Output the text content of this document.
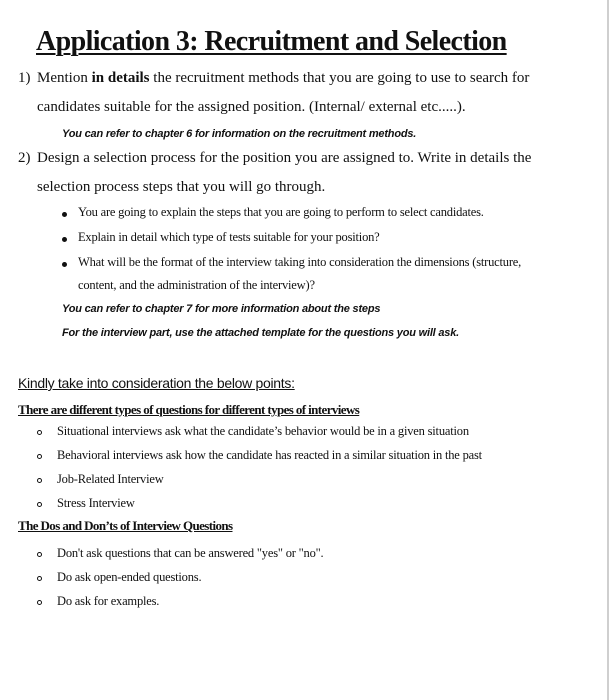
Application 3: Recruitment and Selection
1) Mention in details the recruitment methods that you are going to use to search for
candidates suitable for the assigned position. (Internal/ external etc.....).
You can refer to chapter 6 for information on the recruitment methods.
2) Design a selection process for the position you are assigned to. Write in details the
selection process steps that you will go through.
You are going to explain the steps that you are going to perform to select candidates.
Explain in detail which type of tests suitable for your position?
What will be the format of the interview taking into consideration the dimensions (structure,
content, and the administration of the interview)?
You can refer to chapter 7 for more information about the steps
For the interview part, use the attached template for the questions you will ask.
Kindly take into consideration the below points:
There are different types of questions for different types of interviews
Situational interviews ask what the candidate’s behavior would be in a given situation
Behavioral interviews ask how the candidate has reacted in a similar situation in the past
Job-Related Interview
Stress Interview
The Dos and Don’ts of Interview Questions
Don't ask questions that can be answered "yes" or "no".
Do ask open-ended questions.
Do ask for examples.
